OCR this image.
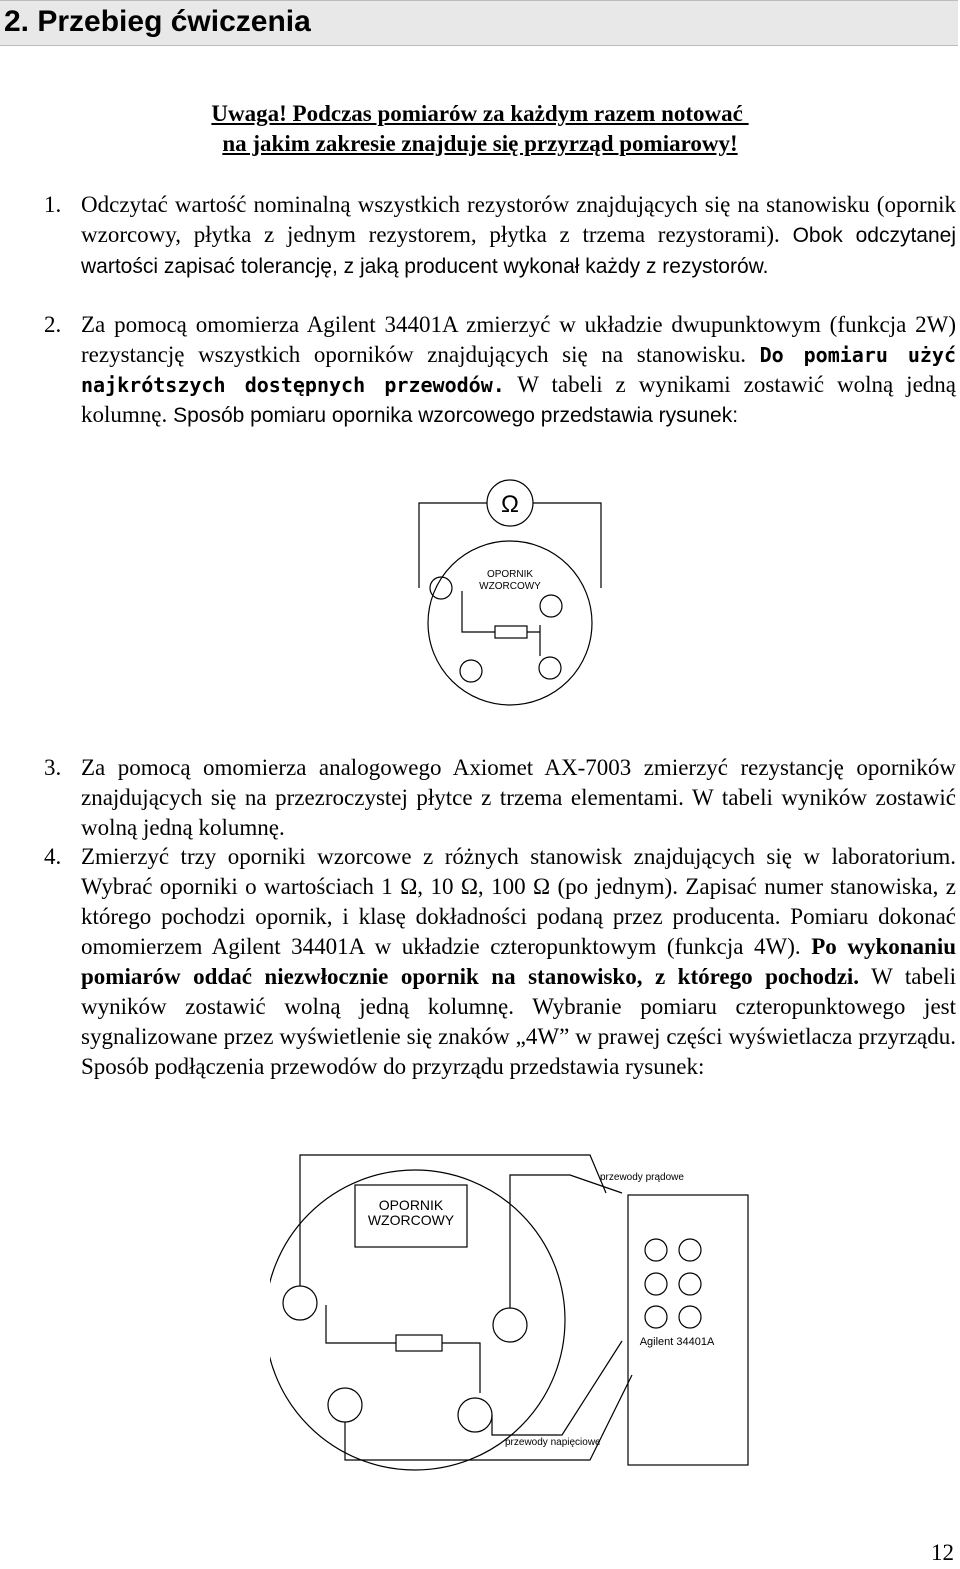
2. Przebieg ćwiczenia
Uwaga! Podczas pomiarów za każdym razem notować
na jakim zakresie znajduje się przyrząd pomiarowy!
1. Odczytać wartość nominalną wszystkich rezystorów znajdujących się na stanowisku (opornik wzorcowy, płytka z jednym rezystorem, płytka z trzema rezystorami). Obok odczytanej wartości zapisać tolerancję, z jaką producent wykonał każdy z rezystorów.
2. Za pomocą omomierza Agilent 34401A zmierzyć w układzie dwupunktowym (funkcja 2W) rezystancję wszystkich oporników znajdujących się na stanowisku. Do pomiaru użyć najkrótszych dostępnych przewodów. W tabeli z wynikami zostawić wolną jedną kolumnę. Sposób pomiaru opornika wzorcowego przedstawia rysunek:
Ω
OPORNIK
WZORCOWY
3. Za pomocą omomierza analogowego Axiomet AX-7003 zmierzyć rezystancję oporników znajdujących się na przezroczystej płytce z trzema elementami. W tabeli wyników zostawić wolną jedną kolumnę.
4. Zmierzyć trzy oporniki wzorcowe z różnych stanowisk znajdujących się w laboratorium. Wybrać oporniki o wartościach 1 Ω, 10 Ω, 100 Ω (po jednym). Zapisać numer stanowiska, z którego pochodzi opornik, i klasę dokładności podaną przez producenta. Pomiaru dokonać omomierzem Agilent 34401A w układzie czteropunktowym (funkcja 4W). Po wykonaniu pomiarów oddać niezwłocznie opornik na stanowisko, z którego pochodzi. W tabeli wyników zostawić wolną jedną kolumnę. Wybranie pomiaru czteropunktowego jest sygnalizowane przez wyświetlenie się znaków „4W” w prawej części wyświetlacza przyrządu. Sposób podłączenia przewodów do przyrządu przedstawia rysunek:
OPORNIK
WZORCOWY
przewody prądowe
przewody napięciowe
Agilent 34401A
12
